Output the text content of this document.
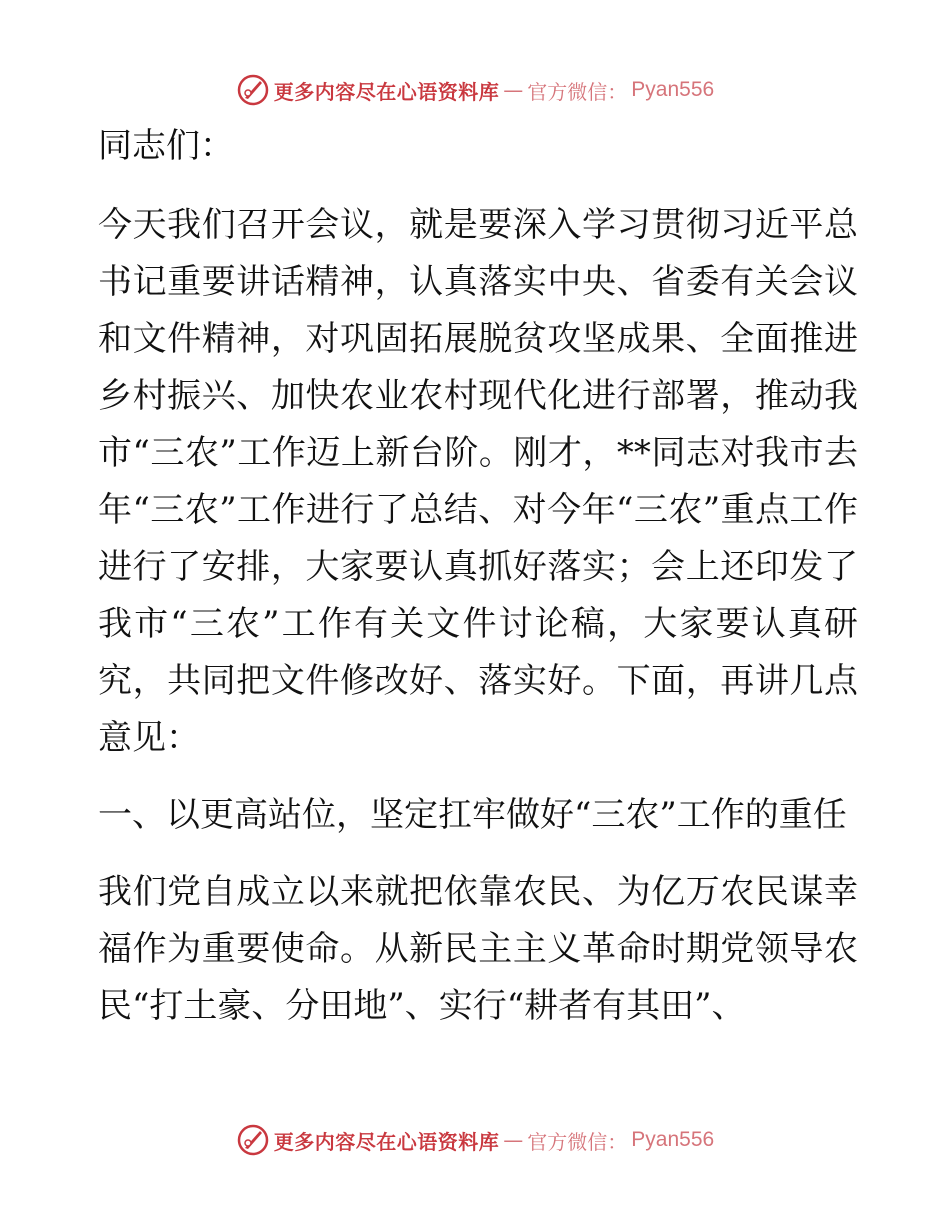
更多内容尽在心语资料库 — 官方微信： Pyan556

同志们：

今天我们召开会议，就是要深入学习贯彻习近平总书记重要讲话精神，认真落实中央、省委有关会议和文件精神，对巩固拓展脱贫攻坚成果、全面推进乡村振兴、加快农业农村现代化进行部署，推动我市“三农”工作迈上新台阶。刚才，**同志对我市去年“三农”工作进行了总结、对今年“三农”重点工作进行了安排，大家要认真抓好落实；会上还印发了我市“三农”工作有关文件讨论稿，大家要认真研究，共同把文件修改好、落实好。下面，再讲几点意见：

一、以更高站位，坚定扛牢做好“三农”工作的重任

我们党自成立以来就把依靠农民、为亿万农民谋幸福作为重要使命。从新民主主义革命时期党领导农民“打土豪、分田地”、实行“耕者有其田”、

更多内容尽在心语资料库 — 官方微信： Pyan556
